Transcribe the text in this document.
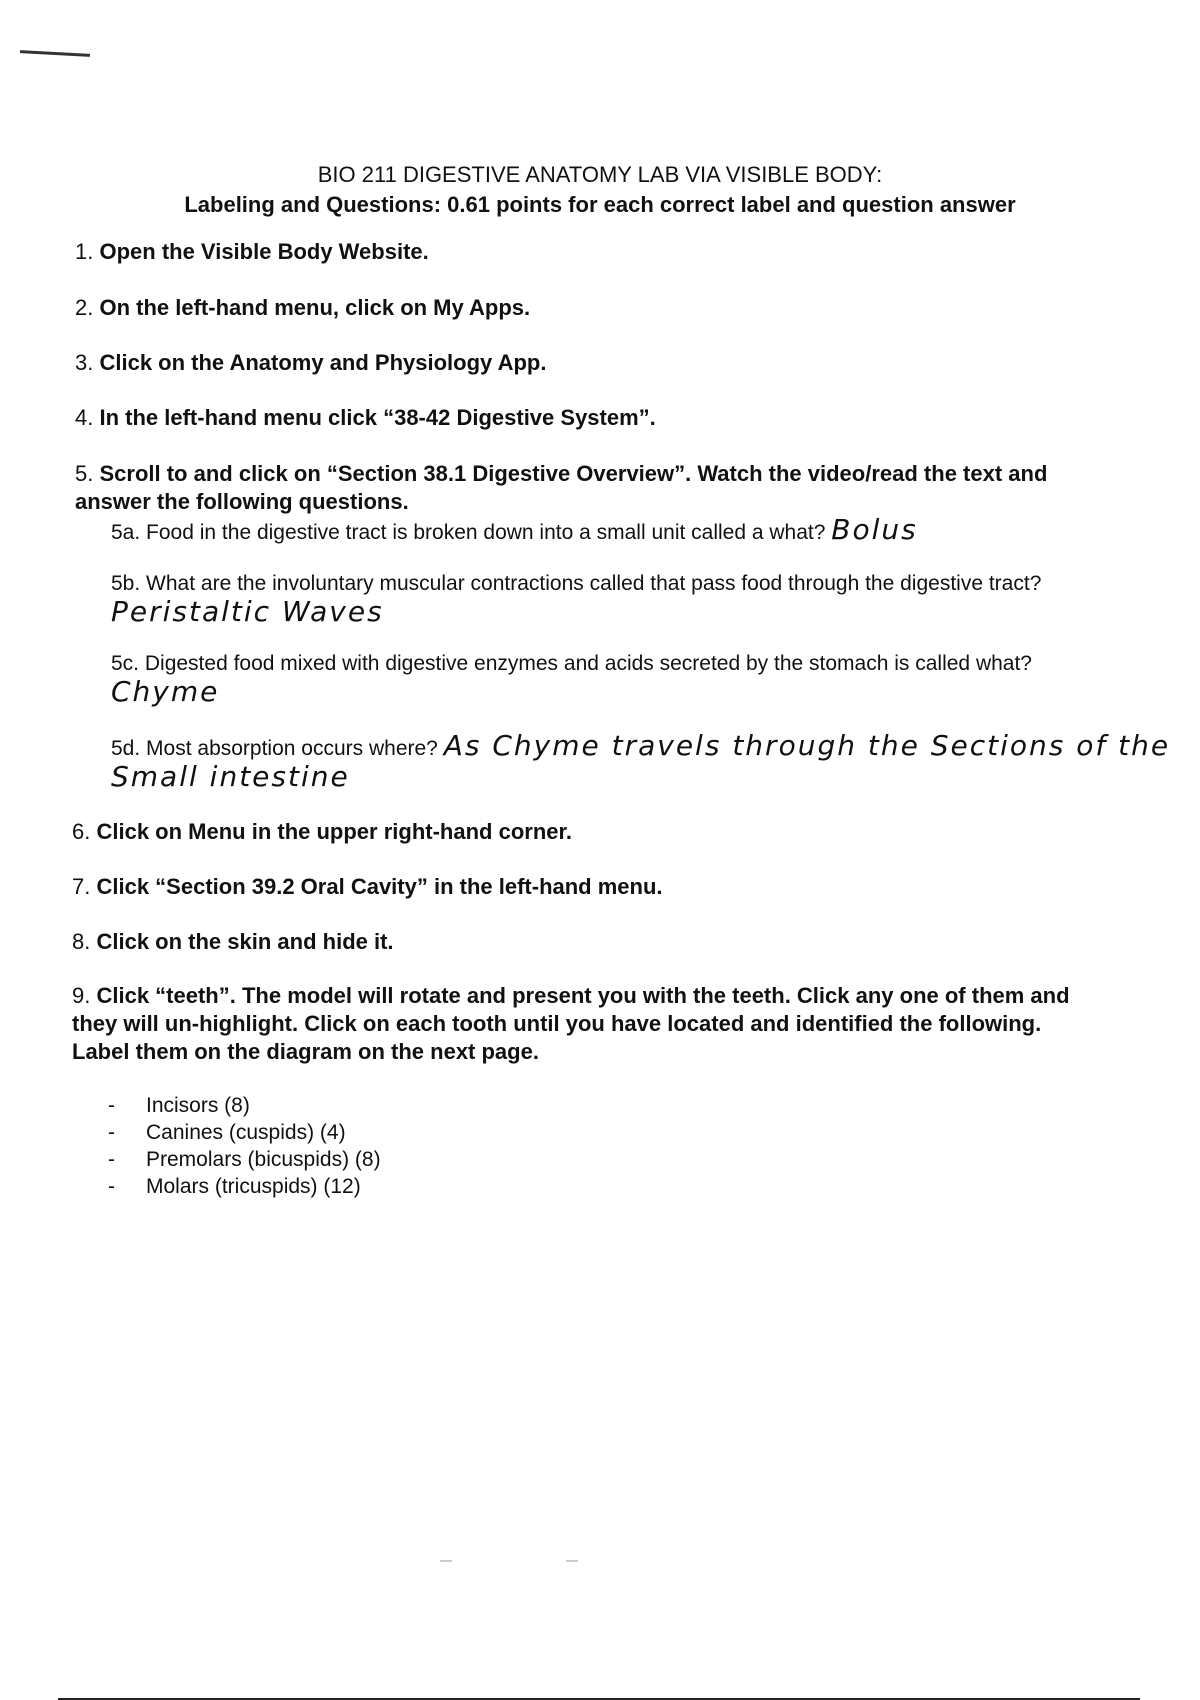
BIO 211 DIGESTIVE ANATOMY LAB VIA VISIBLE BODY:
Labeling and Questions: 0.61 points for each correct label and question answer
1. Open the Visible Body Website.
2. On the left-hand menu, click on My Apps.
3. Click on the Anatomy and Physiology App.
4. In the left-hand menu click “38-42 Digestive System”.
5. Scroll to and click on “Section 38.1 Digestive Overview”. Watch the video/read the text and answer the following questions.
5a. Food in the digestive tract is broken down into a small unit called a what? Bolus
5b. What are the involuntary muscular contractions called that pass food through the digestive tract? Peristaltic Waves
5c. Digested food mixed with digestive enzymes and acids secreted by the stomach is called what? Chyme
5d. Most absorption occurs where? As Chyme travels through the Sections of the Small intestine
6. Click on Menu in the upper right-hand corner.
7. Click “Section 39.2 Oral Cavity” in the left-hand menu.
8. Click on the skin and hide it.
9. Click “teeth”. The model will rotate and present you with the teeth. Click any one of them and they will un-highlight. Click on each tooth until you have located and identified the following. Label them on the diagram on the next page.
- Incisors (8)
- Canines (cuspids) (4)
- Premolars (bicuspids) (8)
- Molars (tricuspids) (12)
